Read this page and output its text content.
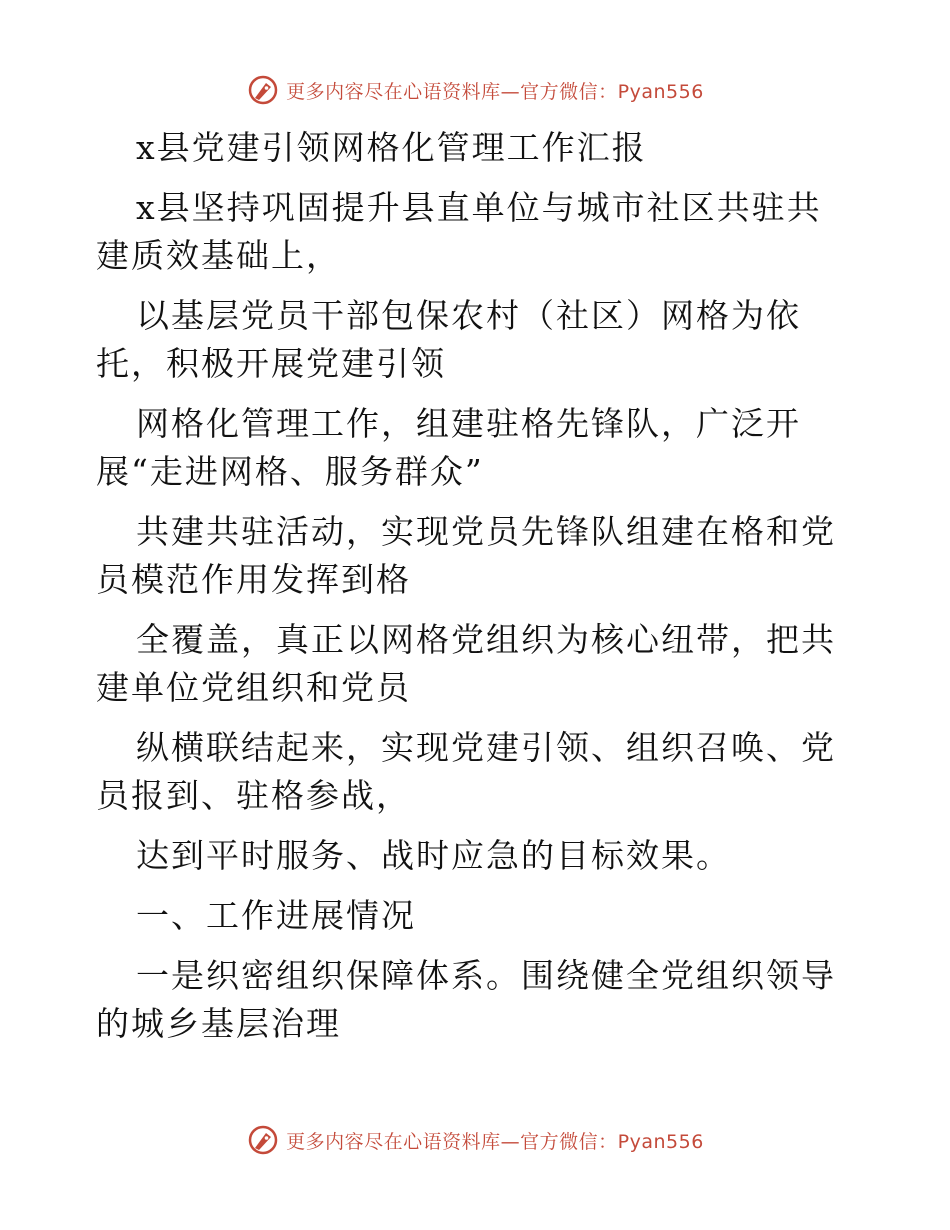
更多内容尽在心语资料库—官方微信：Pyan556

x县党建引领网格化管理工作汇报

x县坚持巩固提升县直单位与城市社区共驻共建质效基础上，

以基层党员干部包保农村（社区）网格为依托，积极开展党建引领

网格化管理工作，组建驻格先锋队，广泛开展“走进网格、服务群众”

共建共驻活动，实现党员先锋队组建在格和党员模范作用发挥到格

全覆盖，真正以网格党组织为核心纽带，把共建单位党组织和党员

纵横联结起来，实现党建引领、组织召唤、党员报到、驻格参战，

达到平时服务、战时应急的目标效果。

一、工作进展情况

一是织密组织保障体系。围绕健全党组织领导的城乡基层治理

更多内容尽在心语资料库—官方微信：Pyan556
